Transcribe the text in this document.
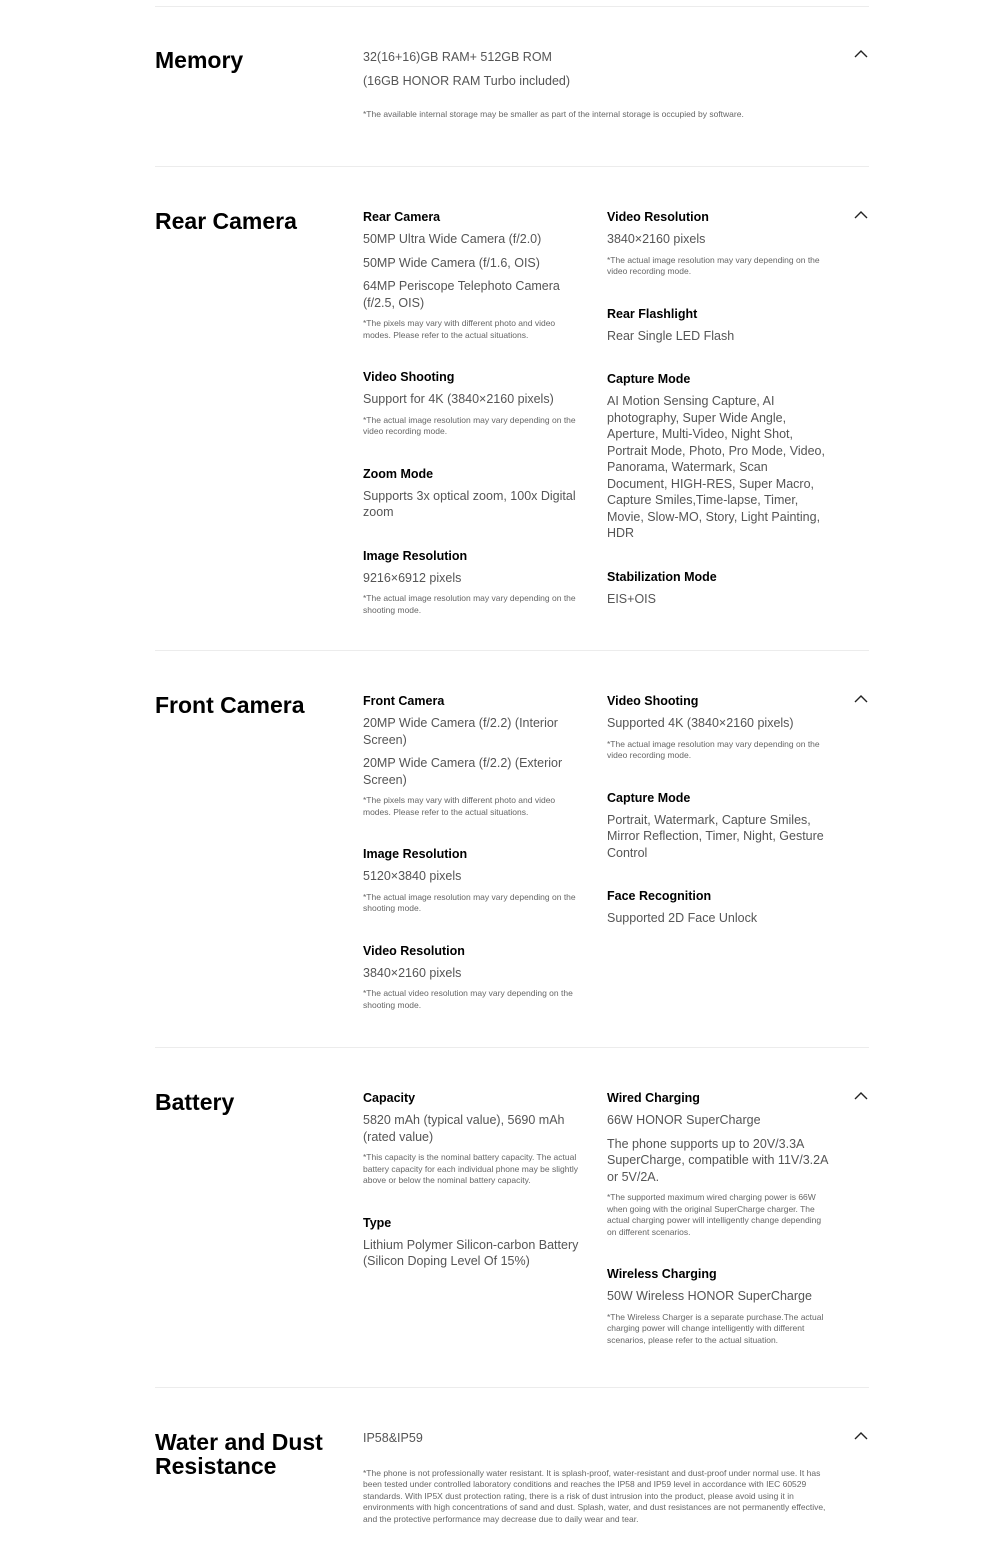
Memory	32(16+16)GB RAM+ 512GB ROM

(16GB HONOR RAM Turbo included)

*The available internal storage may be smaller as part of the internal storage is occupied by software.

Rear Camera	Rear Camera

50MP Ultra Wide Camera (f/2.0)

50MP Wide Camera (f/1.6, OIS)

64MP Periscope Telephoto Camera (f/2.5, OIS)

*The pixels may vary with different photo and video modes. Please refer to the actual situations.

Video Shooting

Support for 4K (3840×2160 pixels)

*The actual image resolution may vary depending on the video recording mode.

Zoom Mode

Supports 3x optical zoom, 100x Digital zoom

Image Resolution

9216×6912 pixels

*The actual image resolution may vary depending on the shooting mode.

Video Resolution

3840×2160 pixels

*The actual image resolution may vary depending on the video recording mode.

Rear Flashlight

Rear Single LED Flash

Capture Mode

AI Motion Sensing Capture, AI photography, Super Wide Angle, Aperture, Multi-Video, Night Shot, Portrait Mode, Photo, Pro Mode, Video, Panorama, Watermark, Scan Document, HIGH-RES, Super Macro, Capture Smiles,Time-lapse, Timer, Movie, Slow-MO, Story, Light Painting, HDR

Stabilization Mode

EIS+OIS

Front Camera	Front Camera

20MP Wide Camera (f/2.2) (Interior Screen)

20MP Wide Camera (f/2.2) (Exterior Screen)

*The pixels may vary with different photo and video modes. Please refer to the actual situations.

Image Resolution

5120×3840 pixels

*The actual image resolution may vary depending on the shooting mode.

Video Resolution

3840×2160 pixels

*The actual video resolution may vary depending on the shooting mode.

Video Shooting

Supported 4K (3840×2160 pixels)

*The actual image resolution may vary depending on the video recording mode.

Capture Mode

Portrait, Watermark, Capture Smiles, Mirror Reflection, Timer, Night, Gesture Control

Face Recognition

Supported 2D Face Unlock

Battery	Capacity

5820 mAh (typical value), 5690 mAh (rated value)

*This capacity is the nominal battery capacity. The actual battery capacity for each individual phone may be slightly above or below the nominal battery capacity.

Type

Lithium Polymer Silicon-carbon Battery (Silicon Doping Level Of 15%)

Wired Charging

66W HONOR SuperCharge

The phone supports up to 20V/3.3A SuperCharge, compatible with 11V/3.2A or 5V/2A.

*The supported maximum wired charging power is 66W when going with the original SuperCharge charger. The actual charging power will intelligently change depending on different scenarios.

Wireless Charging

50W Wireless HONOR SuperCharge

*The Wireless Charger is a separate purchase.The actual charging power will change intelligently with different scenarios, please refer to the actual situation.

Water and Dust Resistance

IP58&IP59

*The phone is not professionally water resistant. It is splash-proof, water-resistant and dust-proof under normal use. It has been tested under controlled laboratory conditions and reaches the IP58 and IP59 level in accordance with IEC 60529 standards. With IP5X dust protection rating, there is a risk of dust intrusion into the product, please avoid using it in environments with high concentrations of sand and dust. Splash, water, and dust resistances are not permanently effective, and the protective performance may decrease due to daily wear and tear.
